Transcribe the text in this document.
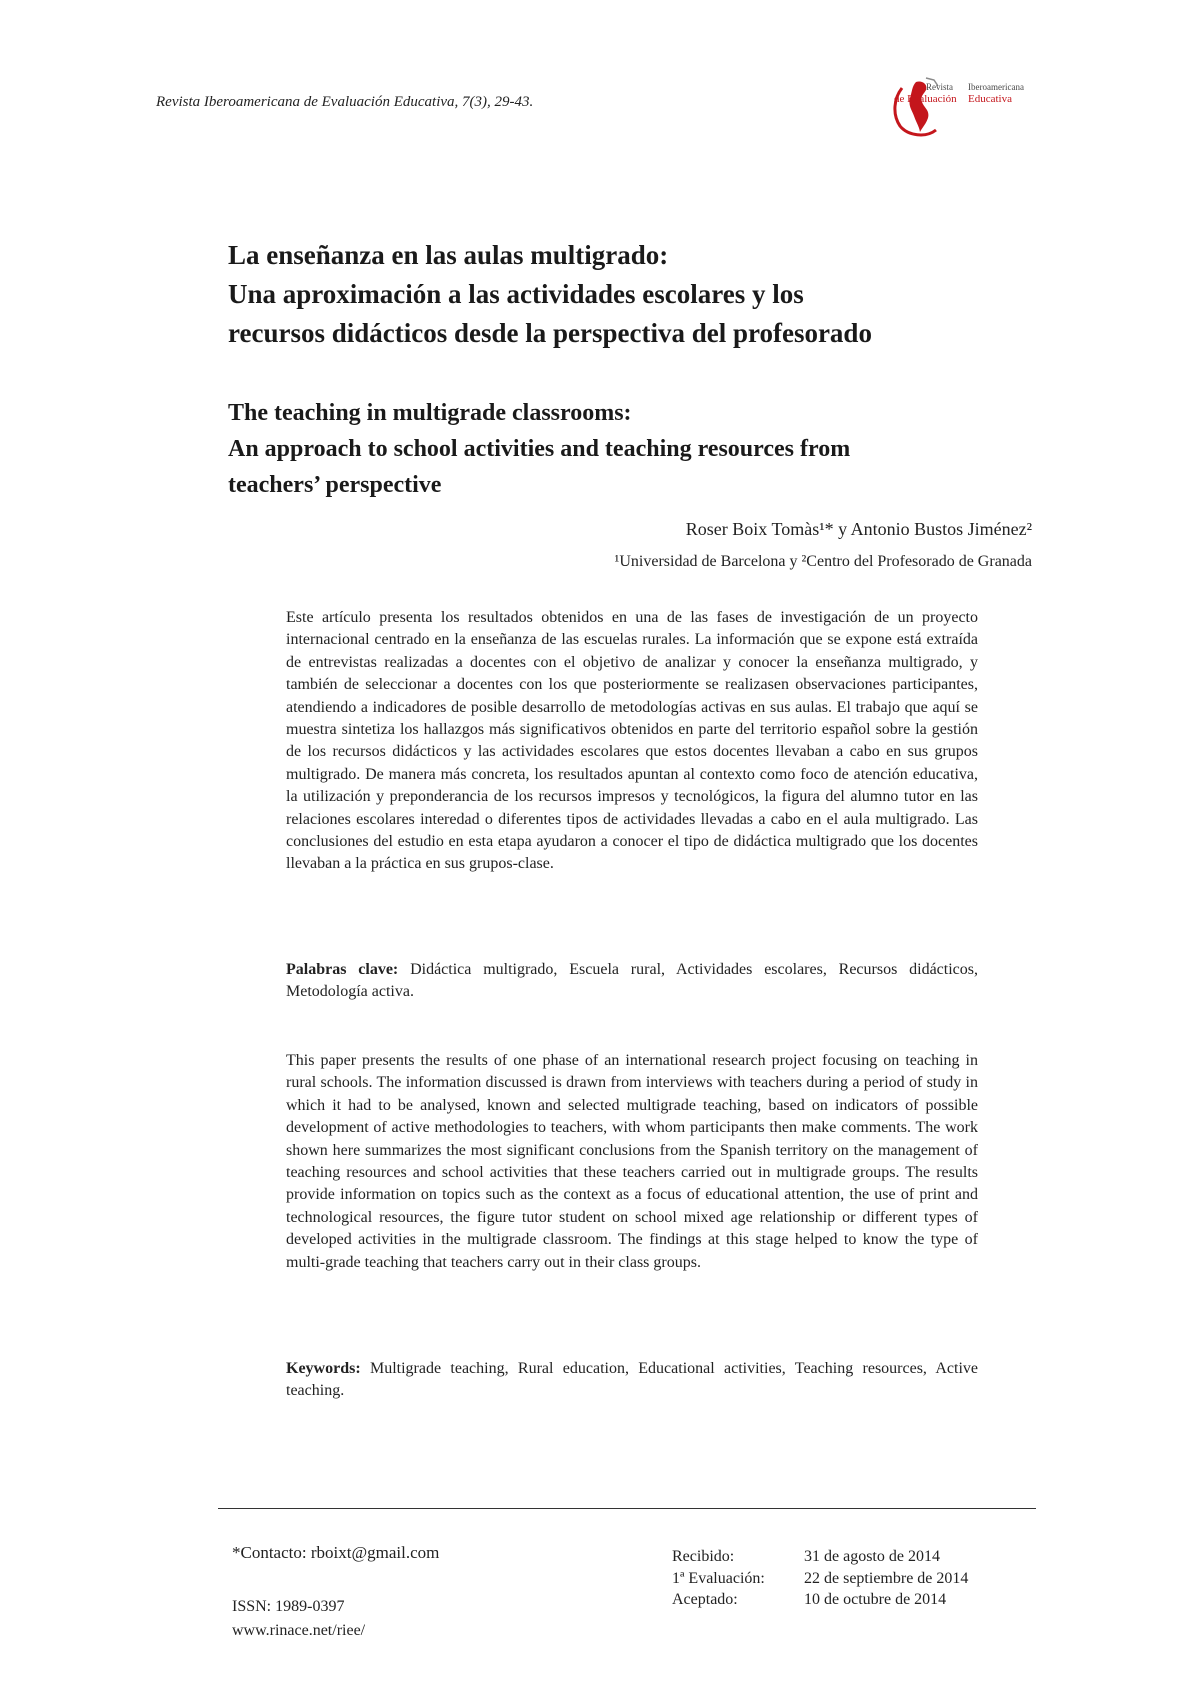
Revista Iberoamericana de Evaluación Educativa, 7(3), 29-43.
Revista Iberoamericana
de Evaluación Educativa
La enseñanza en las aulas multigrado:
Una aproximación a las actividades escolares y los
recursos didácticos desde la perspectiva del profesorado
The teaching in multigrade classrooms:
An approach to school activities and teaching resources from
teachers’ perspective
Roser Boix Tomàs¹* y Antonio Bustos Jiménez²
¹Universidad de Barcelona y ²Centro del Profesorado de Granada
Este artículo presenta los resultados obtenidos en una de las fases de investigación de un proyecto internacional centrado en la enseñanza de las escuelas rurales. La información que se expone está extraída de entrevistas realizadas a docentes con el objetivo de analizar y conocer la enseñanza multigrado, y también de seleccionar a docentes con los que posteriormente se realizasen observaciones participantes, atendiendo a indicadores de posible desarrollo de metodologías activas en sus aulas. El trabajo que aquí se muestra sintetiza los hallazgos más significativos obtenidos en parte del territorio español sobre la gestión de los recursos didácticos y las actividades escolares que estos docentes llevaban a cabo en sus grupos multigrado. De manera más concreta, los resultados apuntan al contexto como foco de atención educativa, la utilización y preponderancia de los recursos impresos y tecnológicos, la figura del alumno tutor en las relaciones escolares interedad o diferentes tipos de actividades llevadas a cabo en el aula multigrado. Las conclusiones del estudio en esta etapa ayudaron a conocer el tipo de didáctica multigrado que los docentes llevaban a la práctica en sus grupos-clase.
Palabras clave: Didáctica multigrado, Escuela rural, Actividades escolares, Recursos didácticos, Metodología activa.
This paper presents the results of one phase of an international research project focusing on teaching in rural schools. The information discussed is drawn from interviews with teachers during a period of study in which it had to be analysed, known and selected multigrade teaching, based on indicators of possible development of active methodologies to teachers, with whom participants then make comments. The work shown here summarizes the most significant conclusions from the Spanish territory on the management of teaching resources and school activities that these teachers carried out in multigrade groups. The results provide information on topics such as the context as a focus of educational attention, the use of print and technological resources, the figure tutor student on school mixed age relationship or different types of developed activities in the multigrade classroom. The findings at this stage helped to know the type of multi-grade teaching that teachers carry out in their class groups.
Keywords: Multigrade teaching, Rural education, Educational activities, Teaching resources, Active teaching.
*Contacto: rboixt@gmail.com
ISSN: 1989-0397
www.rinace.net/riee/
Recibido:	31 de agosto de 2014
1ª Evaluación: 22 de septiembre de 2014
Aceptado:	10 de octubre de 2014
